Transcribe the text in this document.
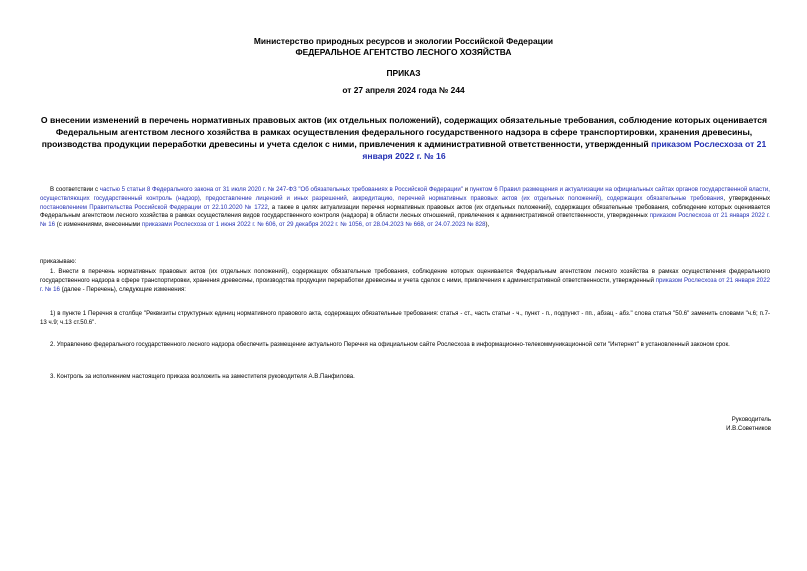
Министерство природных ресурсов и экологии Российской Федерации
ФЕДЕРАЛЬНОЕ АГЕНТСТВО ЛЕСНОГО ХОЗЯЙСТВА
ПРИКАЗ
от 27 апреля 2024 года № 244
О внесении изменений в перечень нормативных правовых актов (их отдельных положений), содержащих обязательные требования, соблюдение которых оценивается Федеральным агентством лесного хозяйства в рамках осуществления федерального государственного надзора в сфере транспортировки, хранения древесины, производства продукции переработки древесины и учета сделок с ними, привлечения к административной ответственности, утвержденный приказом Рослесхоза от 21 января 2022 г. № 16
В соответствии с частью 5 статьи 8 Федерального закона от 31 июля 2020 г. № 247-ФЗ "Об обязательных требованиях в Российской Федерации" и пунктом 6 Правил размещения и актуализации на официальных сайтах органов государственной власти, осуществляющих государственный контроль (надзор), предоставление лицензий и иных разрешений, аккредитацию, перечней нормативных правовых актов (их отдельных положений), содержащих обязательные требования, утвержденных постановлением Правительства Российской Федерации от 22.10.2020 № 1722, а также в целях актуализации перечня нормативных правовых актов (их отдельных положений), содержащих обязательные требования, соблюдение которых оценивается Федеральным агентством лесного хозяйства в рамках осуществления видов государственного контроля (надзора) в области лесных отношений, привлечения к административной ответственности, утвержденных приказом Рослесхоза от 21 января 2022 г. № 16 (с изменениями, внесенными приказами Рослесхоза от 1 июня 2022 г. № 606, от 29 декабря 2022 г. № 1056, от 28.04.2023 № 668, от 24.07.2023 № 828),
приказываю:
1. Внести в перечень нормативных правовых актов (их отдельных положений), содержащих обязательные требования, соблюдение которых оценивается Федеральным агентством лесного хозяйства в рамках осуществления федерального государственного надзора в сфере транспортировки, хранения древесины, производства продукции переработки древесины и учета сделок с ними, привлечения к административной ответственности, утвержденный приказом Рослесхоза от 21 января 2022 г. № 16 (далее - Перечень), следующие изменения:
1) в пункте 1 Перечня в столбце "Реквизиты структурных единиц нормативного правового акта, содержащих обязательные требования: статья - ст., часть статьи - ч., пункт - п., подпункт - пп., абзац - абз." слова статья "50.6" заменить словами "ч.6; п.7-13 ч.9; ч.13 ст.50.6".
2. Управлению федерального государственного лесного надзора обеспечить размещение актуального Перечня на официальном сайте Рослесхоза в информационно-телекоммуникационной сети "Интернет" в установленный законом срок.
3. Контроль за исполнением настоящего приказа возложить на заместителя руководителя А.В.Панфилова.
Руководитель
И.В.Советников
